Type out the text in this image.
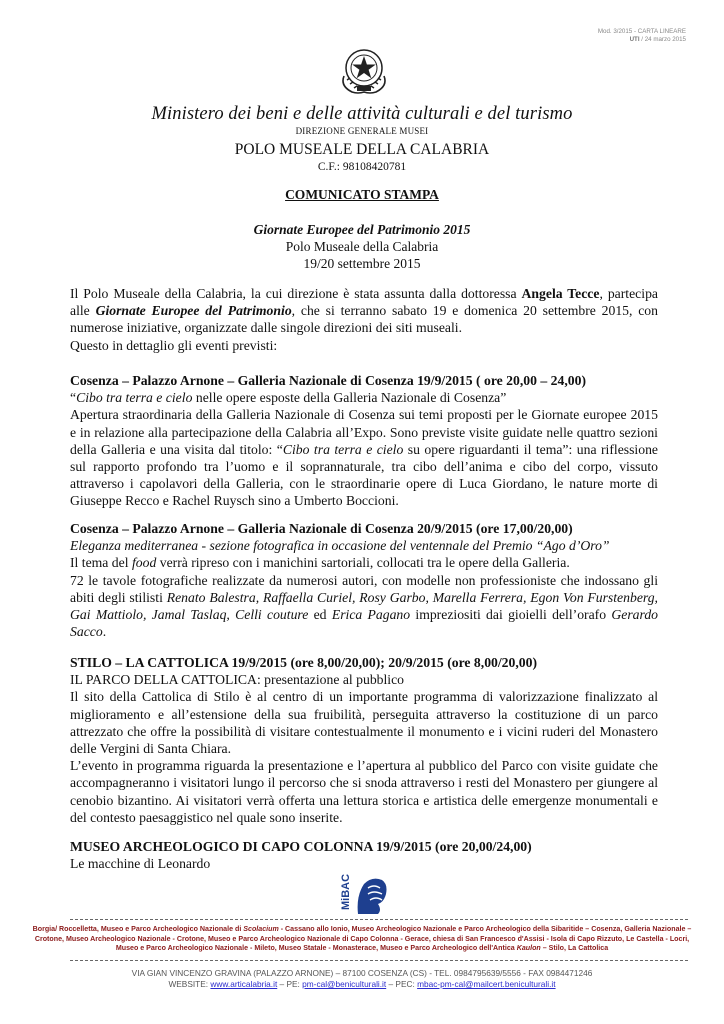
Mod. 3/2015 - CARTA LINEARE
UTI / 24 marzo 2015
Ministero dei beni e delle attività culturali e del turismo
DIREZIONE GENERALE MUSEI
POLO MUSEALE DELLA CALABRIA
C.F.: 98108420781
COMUNICATO STAMPA
Giornate Europee del Patrimonio 2015
Polo Museale della Calabria
19/20 settembre 2015

Il Polo Museale della Calabria, la cui direzione è stata assunta dalla dottoressa Angela Tecce, partecipa alle Giornate Europee del Patrimonio, che si terranno sabato 19 e domenica 20 settembre 2015, con numerose iniziative, organizzate dalle singole direzioni dei siti museali.

Questo in dettaglio gli eventi previsti:

Cosenza – Palazzo Arnone – Galleria Nazionale di Cosenza 19/9/2015 ( ore 20,00 – 24,00)

“Cibo tra terra e cielo nelle opere esposte della Galleria Nazionale di Cosenza”

Apertura straordinaria della Galleria Nazionale di Cosenza sui temi proposti per le Giornate europee 2015 e in relazione alla partecipazione della Calabria all’Expo. Sono previste visite guidate nelle quattro sezioni della Galleria e una visita dal titolo: “Cibo tra terra e cielo su opere riguardanti il tema”: una riflessione sul rapporto profondo tra l’uomo e il soprannaturale, tra cibo dell’anima e cibo del corpo, vissuto attraverso i capolavori della Galleria, con le straordinarie opere di Luca Giordano, le nature morte di Giuseppe Recco e Rachel Ruysch sino a Umberto Boccioni.

Cosenza – Palazzo Arnone – Galleria Nazionale di Cosenza 20/9/2015 (ore 17,00/20,00)

Eleganza mediterranea - sezione fotografica in occasione del ventennale del Premio “Ago d’Oro”

Il tema del food verrà ripreso con i manichini sartoriali, collocati tra le opere della Galleria.

72 le tavole fotografiche realizzate da numerosi autori, con modelle non professioniste che indossano gli abiti degli stilisti Renato Balestra, Raffaella Curiel, Rosy Garbo, Marella Ferrera, Egon Von Furstenberg, Gai Mattiolo, Jamal Taslaq, Celli couture ed Erica Pagano impreziositi dai gioielli dell’orafo Gerardo Sacco.

STILO – LA CATTOLICA 19/9/2015 (ore 8,00/20,00); 20/9/2015 (ore 8,00/20,00)

IL PARCO DELLA CATTOLICA: presentazione al pubblico

Il sito della Cattolica di Stilo è al centro di un importante programma di valorizzazione finalizzato al miglioramento e all’estensione della sua fruibilità, perseguita attraverso la costituzione di un parco attrezzato che offre la possibilità di visitare contestualmente il monumento e i vicini ruderi del Monastero delle Vergini di Santa Chiara.

L’evento in programma riguarda la presentazione e l’apertura al pubblico del Parco con visite guidate che accompagneranno i visitatori lungo il percorso che si snoda attraverso i resti del Monastero per giungere al cenobio bizantino. Ai visitatori verrà offerta una lettura storica e artistica delle emergenze monumentali e del contesto paesaggistico nel quale sono inserite.

MUSEO ARCHEOLOGICO DI CAPO COLONNA 19/9/2015 (ore 20,00/24,00)

Le macchine di Leonardo

MiBAC
Borgia/ Roccelletta, Museo e Parco Archeologico Nazionale di Scolacium - Cassano allo Ionio, Museo Archeologico Nazionale e Parco Archeologico della Sibaritide – Cosenza, Galleria Nazionale – Crotone, Museo Archeologico Nazionale - Crotone, Museo e Parco Archeologico Nazionale di Capo Colonna - Gerace, chiesa di San Francesco d'Assisi - Isola di Capo Rizzuto, Le Castella - Locri, Museo e Parco Archeologico Nazionale - Mileto, Museo Statale - Monasterace, Museo e Parco Archeologico dell'Antica Kaulon – Stilo, La Cattolica
VIA GIAN VINCENZO GRAVINA (PALAZZO ARNONE) – 87100 COSENZA (CS) - TEL. 0984795639/5556 - FAX 0984471246
WEBSITE: www.articalabria.it – PE: pm-cal@beniculturali.it – PEC: mbac-pm-cal@mailcert.beniculturali.it
